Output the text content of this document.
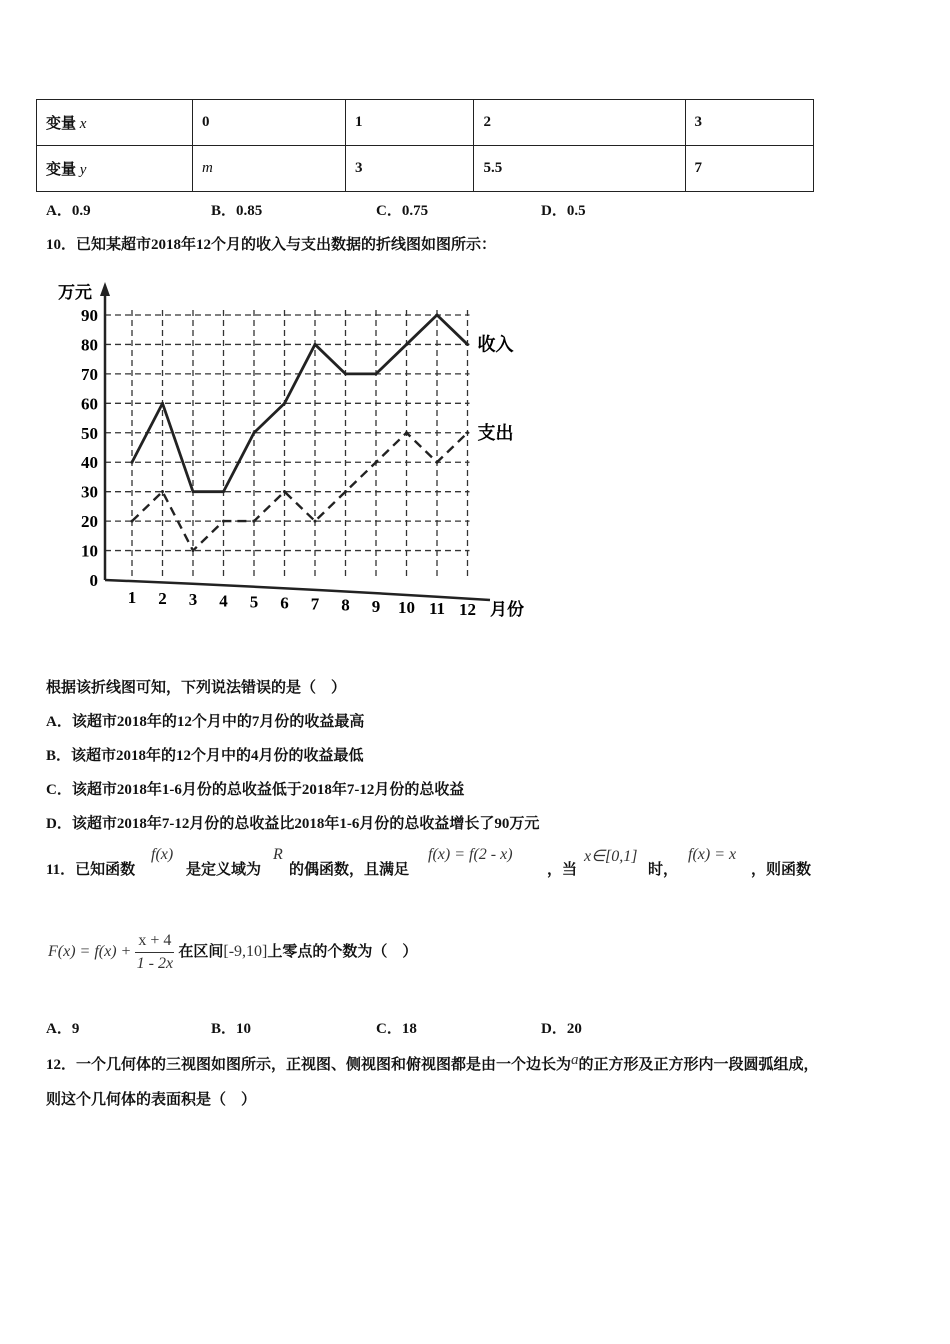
变量 x	0	1	2	3
变量 y	m	3	5.5	7
A．0.9	B．0.85	C．0.75	D．0.5
10．已知某超市2018年12个月的收入与支出数据的折线图如图所示：
0
10
20
30
40
50
60
70
80
90
1 2 3 4 5 6 7 8 9 10 11 12
万元
月份
收入
支出
根据该折线图可知，下列说法错误的是（　）
A．该超市2018年的12个月中的7月份的收益最高
B．该超市2018年的12个月中的4月份的收益最低
C．该超市2018年1-6月份的总收益低于2018年7-12月份的总收益
D．该超市2018年7-12月份的总收益比2018年1-6月份的总收益增长了90万元
11．已知函数
f(x)
是定义域为
R
的偶函数，且满足
f(x) = f(2 - x)
，当
x∈[0,1]
时，
f(x) = x
，则函数
$F(x) = f(x) + \frac{x + 4}{1 - 2x}$ 在区间[-9,10]上零点的个数为（　）
A．9	B．10	C．18	D．20
12．一个几何体的三视图如图所示，正视图、侧视图和俯视图都是由一个边长为a的正方形及正方形内一段圆弧组成，
则这个几何体的表面积是（　）
